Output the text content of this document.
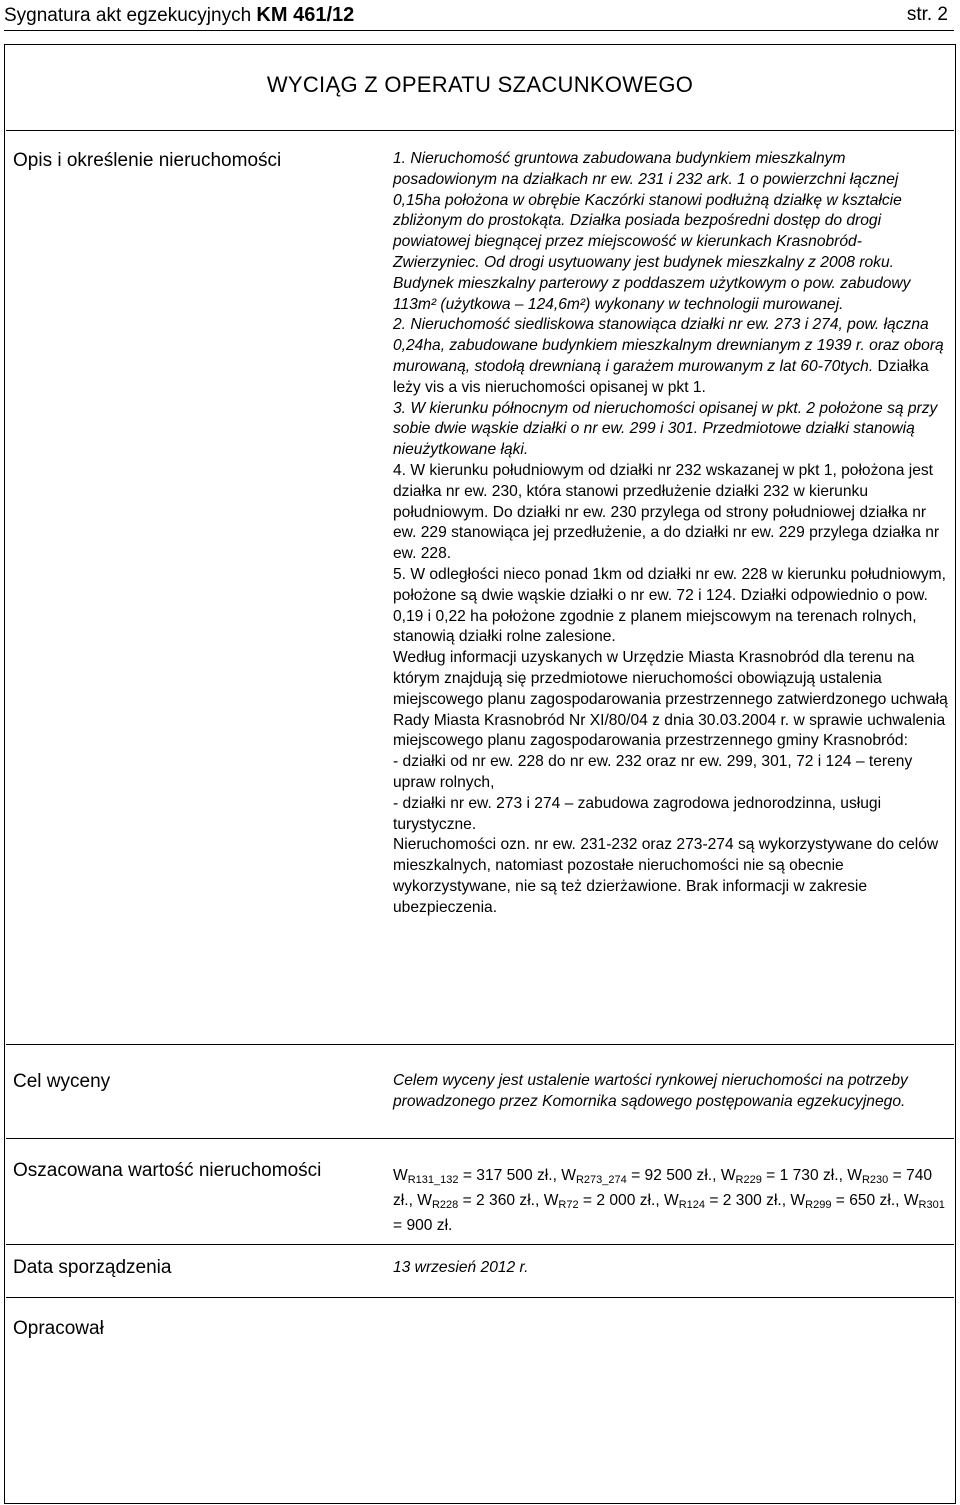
Sygnatura akt egzekucyjnych KM 461/12	str. 2
WYCIĄG Z OPERATU SZACUNKOWEGO
Opis i określenie nieruchomości	1. Nieruchomość gruntowa zabudowana budynkiem mieszkalnym posadowionym na działkach nr ew. 231 i 232 ark. 1 o powierzchni łącznej 0,15ha położona w obrębie Kaczórki stanowi podłużną działkę w kształcie zbliżonym do prostokąta. Działka posiada bezpośredni dostęp do drogi powiatowej biegnącej przez miejscowość w kierunkach Krasnobród-Zwierzyniec. Od drogi usytuowany jest budynek mieszkalny z 2008 roku.

Budynek mieszkalny parterowy z poddaszem użytkowym o pow. zabudowy 113m² (użytkowa – 124,6m²) wykonany w technologii murowanej.

2. Nieruchomość siedliskowa stanowiąca działki nr ew. 273 i 274, pow. łączna 0,24ha, zabudowane budynkiem mieszkalnym drewnianym z 1939 r. oraz oborą murowaną, stodołą drewnianą i garażem murowanym z lat 60-70tych. Działka leży vis a vis nieruchomości opisanej w pkt 1.

3. W kierunku północnym od nieruchomości opisanej w pkt. 2 położone są przy sobie dwie wąskie działki o nr ew. 299 i 301. Przedmiotowe działki stanowią nieużytkowane łąki.

4. W kierunku południowym od działki nr 232 wskazanej w pkt 1, położona jest działka nr ew. 230, która stanowi przedłużenie działki 232 w kierunku południowym. Do działki nr ew. 230 przylega od strony południowej działka nr ew. 229 stanowiąca jej przedłużenie, a do działki nr ew. 229 przylega działka nr ew. 228.

5. W odległości nieco ponad 1km od działki nr ew. 228 w kierunku południowym, położone są dwie wąskie działki o nr ew. 72 i 124. Działki odpowiednio o pow. 0,19 i 0,22 ha położone zgodnie z planem miejscowym na terenach rolnych, stanowią działki rolne zalesione.

Według informacji uzyskanych w Urzędzie Miasta Krasnobród dla terenu na którym znajdują się przedmiotowe nieruchomości obowiązują ustalenia miejscowego planu zagospodarowania przestrzennego zatwierdzonego uchwałą Rady Miasta Krasnobród Nr XI/80/04 z dnia 30.03.2004 r. w sprawie uchwalenia miejscowego planu zagospodarowania przestrzennego gminy Krasnobród:

- działki od nr ew. 228 do nr ew. 232 oraz nr ew. 299, 301, 72 i 124 – tereny upraw rolnych,

- działki nr ew. 273 i 274 – zabudowa zagrodowa jednorodzinna, usługi turystyczne.

Nieruchomości ozn. nr ew. 231-232 oraz 273-274 są wykorzystywane do celów mieszkalnych, natomiast pozostałe nieruchomości nie są obecnie wykorzystywane, nie są też dzierżawione. Brak informacji w zakresie ubezpieczenia.

Cel wyceny	Celem wyceny jest ustalenie wartości rynkowej nieruchomości na potrzeby prowadzonego przez Komornika sądowego postępowania egzekucyjnego.
Oszacowana wartość nieruchomości	$W_{R131\_132} = 317$ 500 zł., $W_{R273\_274} = 92$ 500 zł., $W_{R229} = 1$ 730 zł., $W_{R230} = 740$ zł., $W_{R228} = 2$ 360 zł., $W_{R72} = 2$ 000 zł., $W_{R124} = 2$ 300 zł., $W_{R299} = 650$ zł., $W_{R301} = 900$ zł.
Data sporządzenia	13 wrzesień 2012 r.
Opracował
